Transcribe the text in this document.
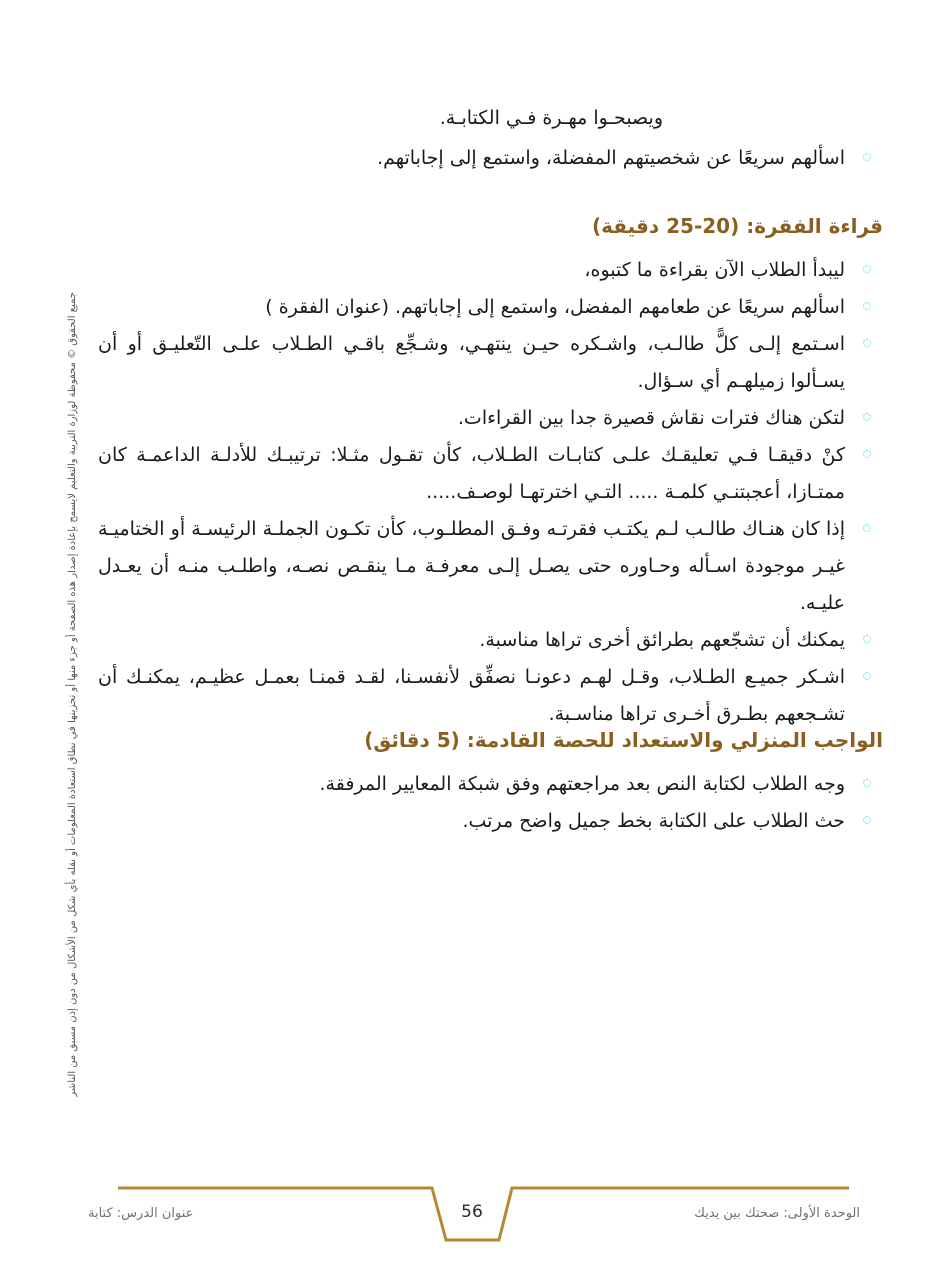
ويصبحـوا مهـرة فـي الكتابـة.
اسألهم سريعًا عن شخصيتهم المفضلة، واستمع إلى إجاباتهم.
قراءة الفقرة: (20-25 دقيقة)
ليبدأ الطلاب الآن بقراءة ما كتبوه،
اسألهم سريعًا عن طعامهم المفضل، واستمع إلى إجاباتهم. (عنوان الفقرة )
اسـتمع إلـى كلًّ طالـب، واشـكره حيـن ينتهـي، وشـجِّع باقـي الطـلاب علـى التّعليـق أو أن يسـألوا زميلهـم أي سـؤال.
لتكن هناك فترات نقاش قصيرة جدا بين القراءات.
كنْ دقيقـا فـي تعليقـك علـى كتابـات الطـلاب، كأن تقـول مثـلا: ترتيبـك للأدلـة الداعمـة كان ممتـازا، أعجبتنـي كلمـة ..... التـي اخترتهـا لوصـف.....
إذا كان هنـاك طالـب لـم يكتـب فقرتـه وفـق المطلـوب، كأن تكـون الجملـة الرئيسـة أو الختاميـة غيـر موجودة اسـأله وحـاوره حتى يصـل إلـى معرفـة مـا ينقـص نصـه، واطلـب منـه أن يعـدل عليـه.
يمكنك أن تشجّعهم بطرائق أخرى تراها مناسبة.
اشـكر جميـع الطـلاب، وقـل لهـم دعونـا نصفِّق لأنفسـنا، لقـد قمنـا بعمـل عظيـم، يمكنـك أن تشـجعهم بطـرق أخـرى تراها مناسـبة.
الواجب المنزلي والاستعداد للحصة القادمة: (5 دقائق)
وجه الطلاب لكتابة النص بعد مراجعتهم وفق شبكة المعايير المرفقة.
حث الطلاب على الكتابة بخط جميل واضح مرتب.
جميع الحقوق © محفوظة لوزارة التربية والتعليم لايسمح بإعادة إصدار هذه الصفحة أو جزء منها أو تخزينها في نطاق استعادة المعلومات أو نقله بأي شكل من الأشكال من دون إذن مسبق من الناشر
عنوان الدرس: كتابة	56	الوحدة الأولى: صحتك بين يديك
